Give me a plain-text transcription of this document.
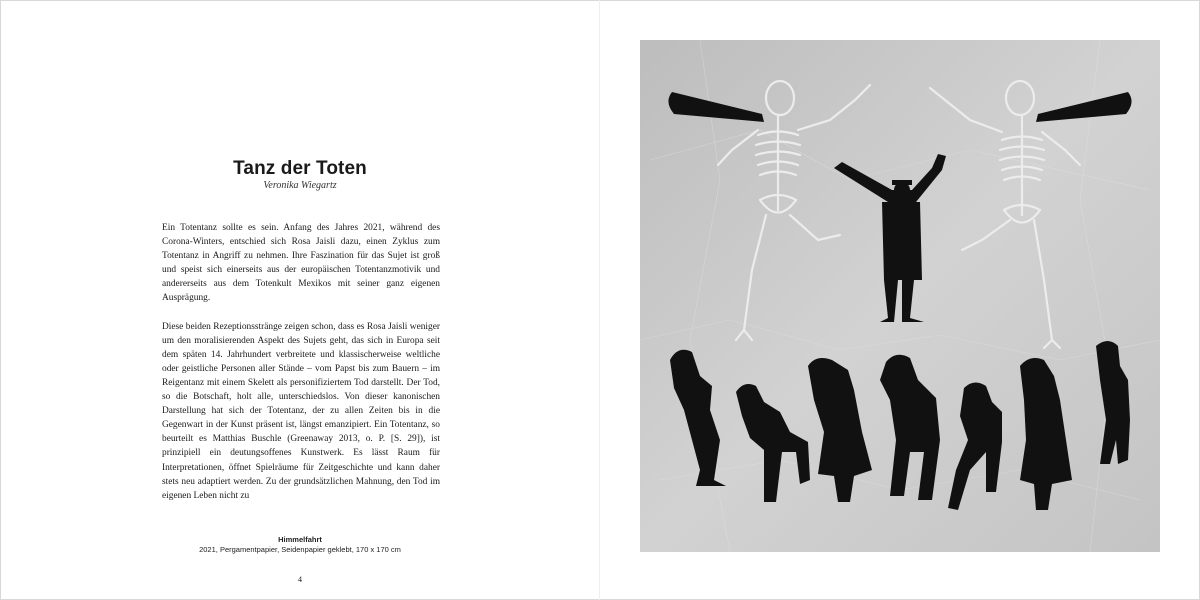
Tanz der Toten
Veronika Wiegartz

Ein Totentanz sollte es sein. Anfang des Jahres 2021, während des Corona-Winters, entschied sich Rosa Jaisli dazu, einen Zyklus zum Totentanz in Angriff zu nehmen. Ihre Faszination für das Sujet ist groß und speist sich einerseits aus der europäischen Totentanzmotivik und andererseits aus dem Totenkult Mexikos mit seiner ganz eigenen Ausprägung.

Diese beiden Rezeptionsstränge zeigen schon, dass es Rosa Jaisli weniger um den moralisierenden Aspekt des Sujets geht, das sich in Europa seit dem späten 14. Jahrhundert verbreitete und klassischerweise weltliche oder geistliche Personen aller Stände – vom Papst bis zum Bauern – im Reigentanz mit einem Skelett als personifiziertem Tod darstellt. Der Tod, so die Botschaft, holt alle, unterschiedslos. Von dieser kanonischen Darstellung hat sich der Totentanz, der zu allen Zeiten bis in die Gegenwart in der Kunst präsent ist, längst emanzipiert. Ein Totentanz, so beurteilt es Matthias Buschle (Greenaway 2013, o. P. [S. 29]), ist prinzipiell ein deutungsoffenes Kunstwerk. Es lässt Raum für Interpretationen, öffnet Spielräume für Zeitgeschichte und kann daher stets neu adaptiert werden. Zu der grundsätzlichen Mahnung, den Tod im eigenen Leben nicht zu

Himmelfahrt
2021, Pergamentpapier, Seidenpapier geklebt, 170 x 170 cm
4
